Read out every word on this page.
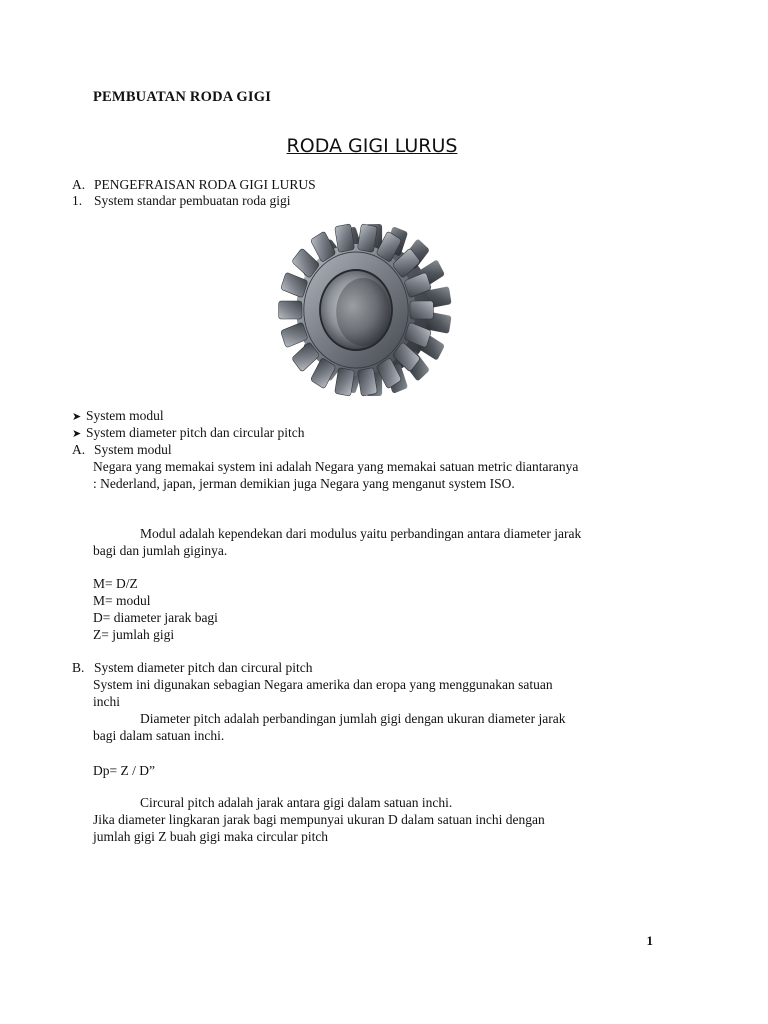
PEMBUATAN RODA GIGI
RODA GIGI LURUS
A. PENGEFRAISAN RODA GIGI LURUS
1. System standar pembuatan roda gigi
➤ System modul
➤ System diameter pitch dan circular pitch
A. System modul
Negara yang memakai system ini adalah Negara yang memakai satuan metric diantaranya
: Nederland, japan, jerman demikian juga Negara yang menganut system ISO.
Modul adalah kependekan dari modulus yaitu perbandingan antara diameter jarak
bagi dan jumlah giginya.
M= D/Z
M= modul
D= diameter jarak bagi
Z= jumlah gigi
B. System diameter pitch dan circural pitch
System ini digunakan sebagian Negara amerika dan eropa yang menggunakan satuan
inchi
Diameter pitch adalah perbandingan jumlah gigi dengan ukuran diameter jarak
bagi dalam satuan inchi.
Dp= Z / D”
Circural pitch adalah jarak antara gigi dalam satuan inchi.
Jika diameter lingkaran jarak bagi mempunyai ukuran D dalam satuan inchi dengan
jumlah gigi Z buah gigi maka circular pitch
1
